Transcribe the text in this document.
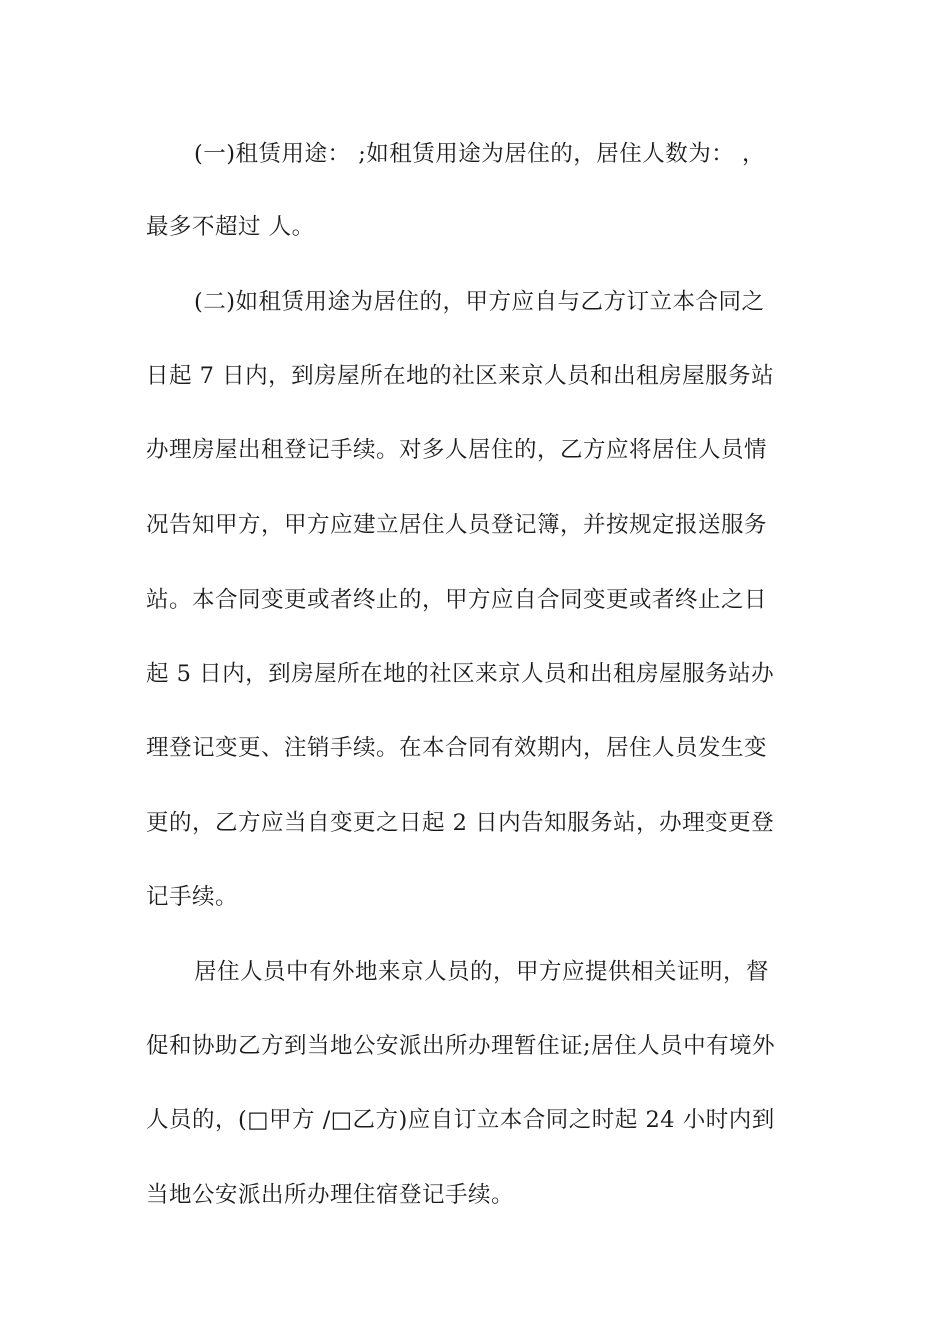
(一)租赁用途： ;如租赁用途为居住的，居住人数为： ，
最多不超过 人。
(二)如租赁用途为居住的，甲方应自与乙方订立本合同之
日起 7 日内，到房屋所在地的社区来京人员和出租房屋服务站
办理房屋出租登记手续。对多人居住的，乙方应将居住人员情
况告知甲方，甲方应建立居住人员登记簿，并按规定报送服务
站。本合同变更或者终止的，甲方应自合同变更或者终止之日
起 5 日内，到房屋所在地的社区来京人员和出租房屋服务站办
理登记变更、注销手续。在本合同有效期内，居住人员发生变
更的，乙方应当自变更之日起 2 日内告知服务站，办理变更登
记手续。
居住人员中有外地来京人员的，甲方应提供相关证明，督
促和协助乙方到当地公安派出所办理暂住证;居住人员中有境外
人员的，(□甲方 /□乙方)应自订立本合同之时起 24 小时内到
当地公安派出所办理住宿登记手续。
